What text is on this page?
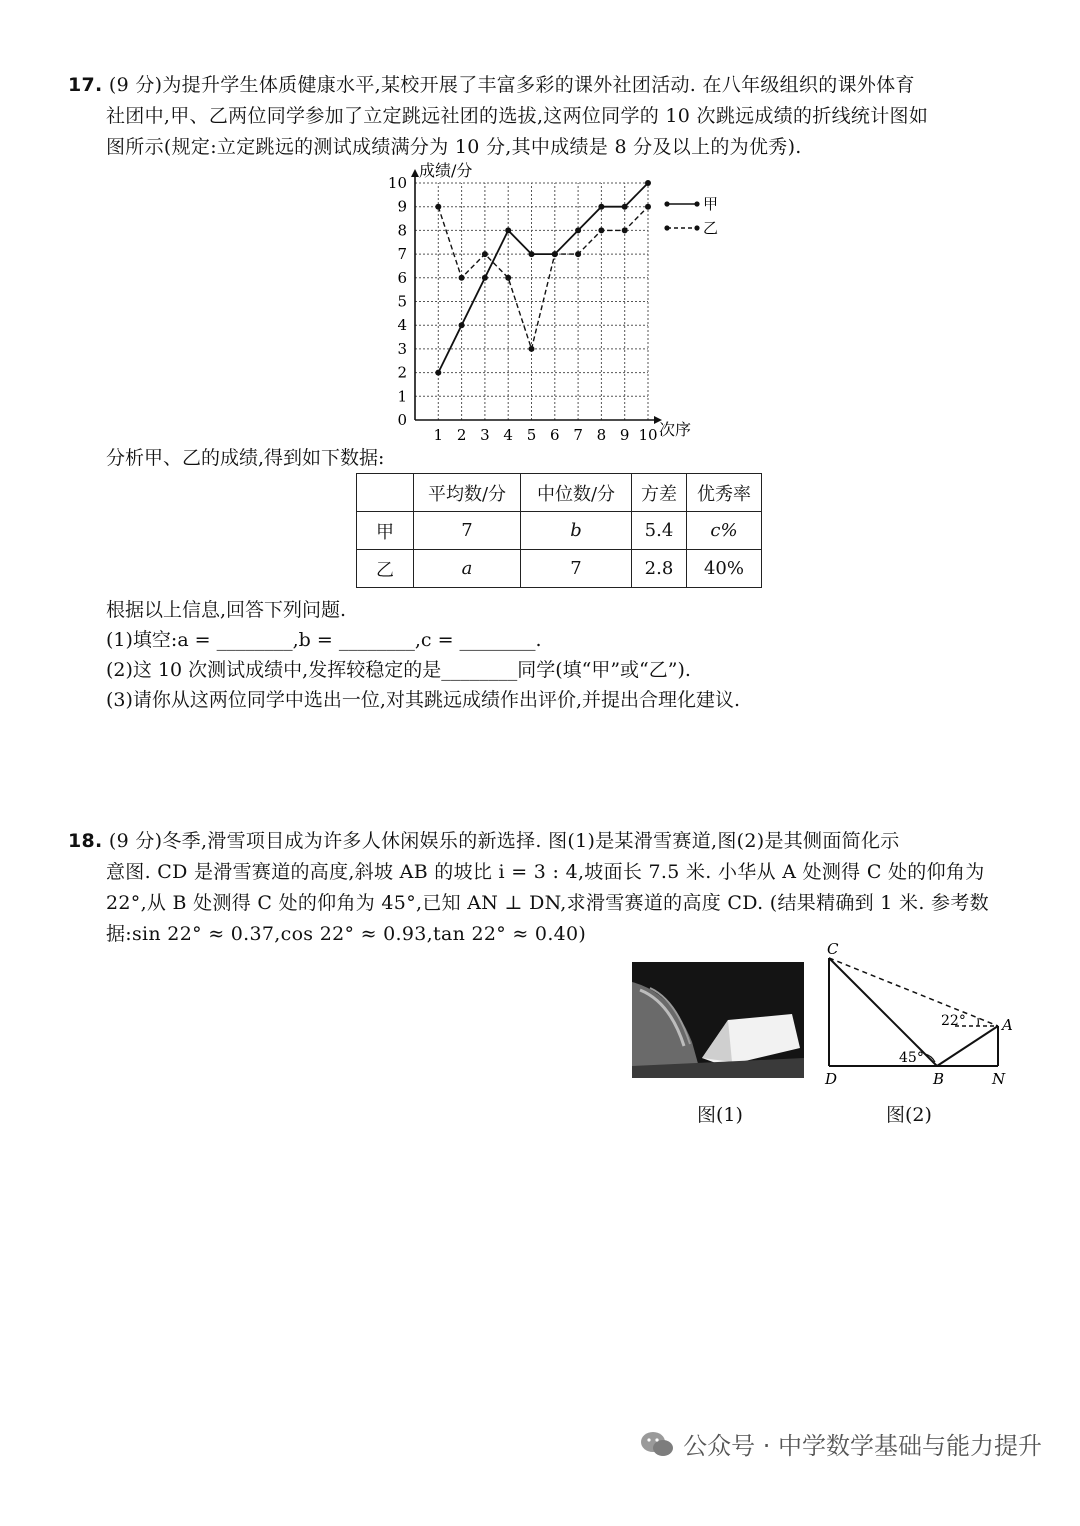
17. (9 分)为提升学生体质健康水平,某校开展了丰富多彩的课外社团活动. 在八年级组织的课外体育
社团中,甲、乙两位同学参加了立定跳远社团的选拔,这两位同学的 10 次跳远成绩的折线统计图如
图所示(规定:立定跳远的测试成绩满分为 10 分,其中成绩是 8 分及以上的为优秀).
0
1
2
3
4
5
6
7
8
9
10
1 2 3 4 5 6 7 8 9 10
甲
乙
成绩/分
次序
分析甲、乙的成绩,得到如下数据:
	平均数/分	中位数/分	方差	优秀率
甲	7	b	5.4	c%
乙	a	7	2.8	40%
根据以上信息,回答下列问题.
(1)填空:a = ________,b = ________,c = ________.
(2)这 10 次测试成绩中,发挥较稳定的是________同学(填“甲”或“乙”).
(3)请你从这两位同学中选出一位,对其跳远成绩作出评价,并提出合理化建议.
18. (9 分)冬季,滑雪项目成为许多人休闲娱乐的新选择. 图(1)是某滑雪赛道,图(2)是其侧面简化示
意图. CD 是滑雪赛道的高度,斜坡 AB 的坡比 i = 3 : 4,坡面长 7.5 米. 小华从 A 处测得 C 处的仰角为
22°,从 B 处测得 C 处的仰角为 45°,已知 AN ⊥ DN,求滑雪赛道的高度 CD. (结果精确到 1 米. 参考数
据:sin 22° ≈ 0.37,cos 22° ≈ 0.93,tan 22° ≈ 0.40)
C
A
D	B	N
22°
45°
图(1)	图(2)
公众号 · 中学数学基础与能力提升
